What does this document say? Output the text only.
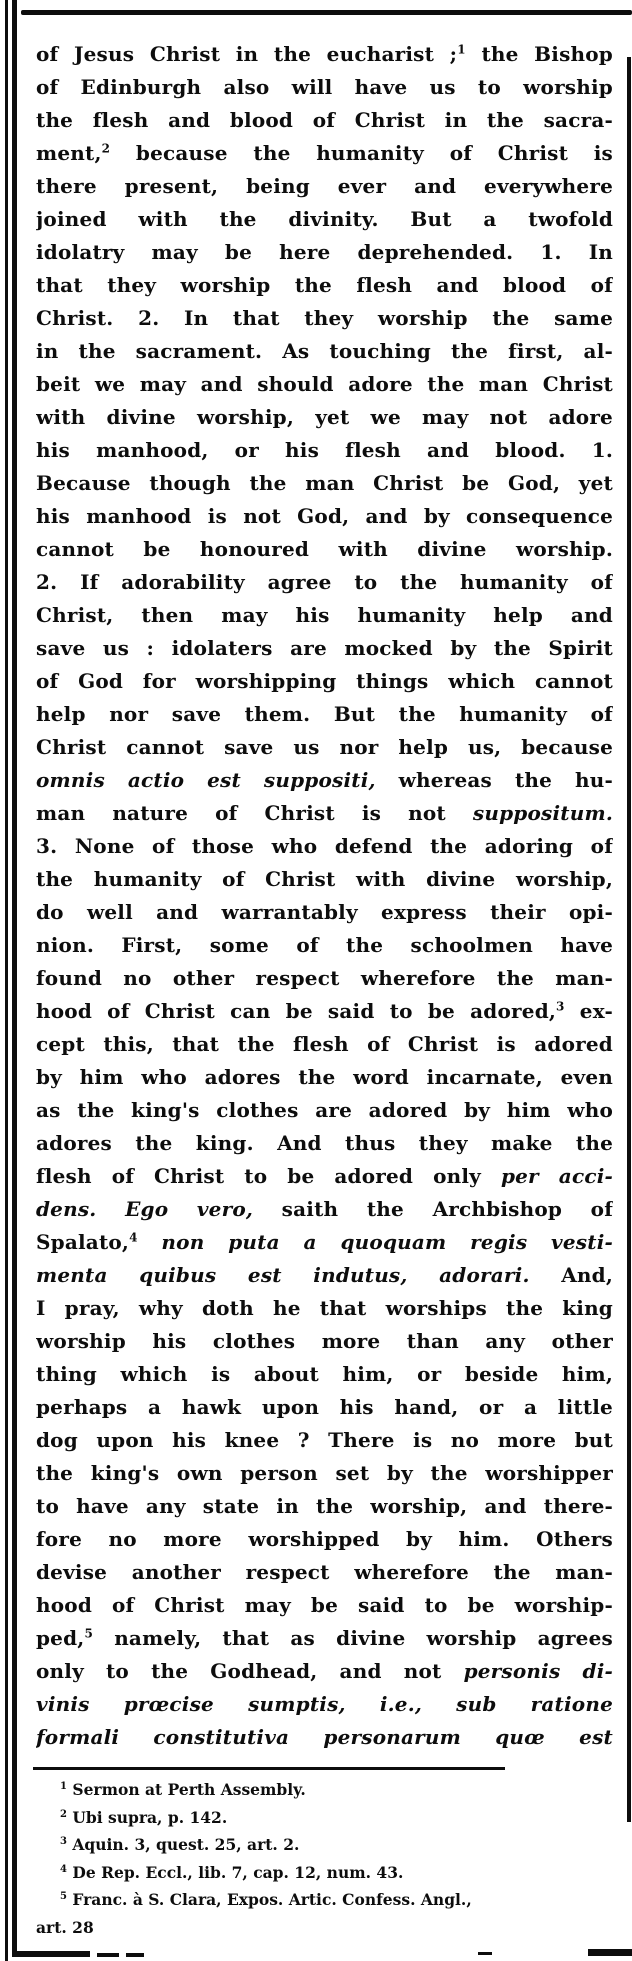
of Jesus Christ in the eucharist ;$^1$ the Bishop
of Edinburgh also will have us to worship
the flesh and blood of Christ in the sacra-
ment,$^2$ because the humanity of Christ is
there present, being ever and everywhere
joined with the divinity. But a twofold
idolatry may be here deprehended. 1. In
that they worship the flesh and blood of
Christ. 2. In that they worship the same
in the sacrament. As touching the first, al-
beit we may and should adore the man Christ
with divine worship, yet we may not adore
his manhood, or his flesh and blood. 1.
Because though the man Christ be God, yet
his manhood is not God, and by consequence
cannot be honoured with divine worship.
2. If adorability agree to the humanity of
Christ, then may his humanity help and
save us : idolaters are mocked by the Spirit
of God for worshipping things which cannot
help nor save them. But the humanity of
Christ cannot save us nor help us, because
omnis actio est suppositi, whereas the hu-
man nature of Christ is not suppositum.
3. None of those who defend the adoring of
the humanity of Christ with divine worship,
do well and warrantably express their opi-
nion. First, some of the schoolmen have
found no other respect wherefore the man-
hood of Christ can be said to be adored,$^3$ ex-
cept this, that the flesh of Christ is adored
by him who adores the word incarnate, even
as the king's clothes are adored by him who
adores the king. And thus they make the
flesh of Christ to be adored only per acci-
dens. Ego vero, saith the Archbishop of
Spalato,$^4$ non puta a quoquam regis vesti-
menta quibus est indutus, adorari. And,
I pray, why doth he that worships the king
worship his clothes more than any other
thing which is about him, or beside him,
perhaps a hawk upon his hand, or a little
dog upon his knee ? There is no more but
the king's own person set by the worshipper
to have any state in the worship, and there-
fore no more worshipped by him. Others
devise another respect wherefore the man-
hood of Christ may be said to be worship-
ped,$^5$ namely, that as divine worship agrees
only to the Godhead, and not personis di-
vinis prœcise sumptis, i.e., sub ratione
formali constitutiva personarum quœ est
$^1$ Sermon at Perth Assembly.
$^2$ Ubi supra, p. 142.
$^3$ Aquin. 3, quest. 25, art. 2.
$^4$ De Rep. Eccl., lib. 7, cap. 12, num. 43.
$^5$ Franc. à S. Clara, Expos. Artic. Confess. Angl.,
art. 28
